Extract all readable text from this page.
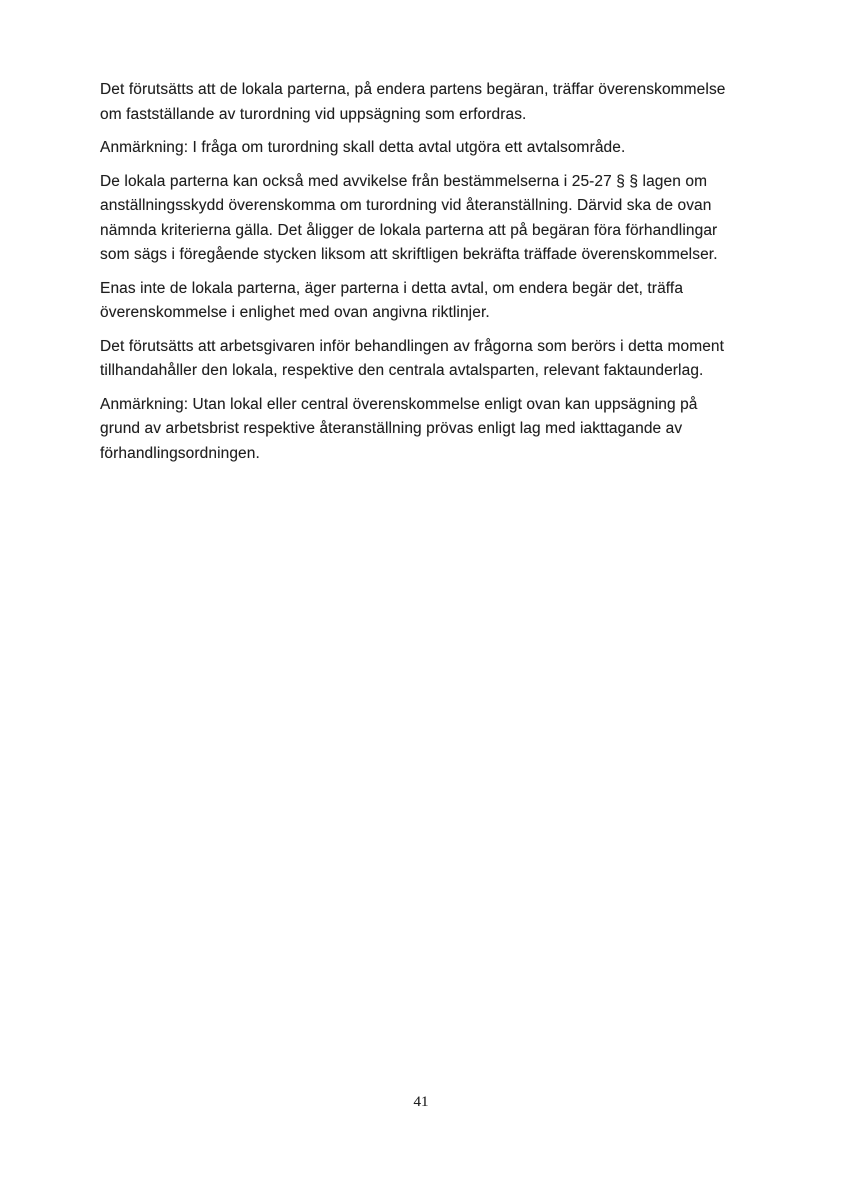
Det förutsätts att de lokala parterna, på endera partens begäran, träffar överenskommelse om fastställande av turordning vid uppsägning som erfordras.

Anmärkning: I fråga om turordning skall detta avtal utgöra ett avtalsområde.

De lokala parterna kan också med avvikelse från bestämmelserna i 25-27 § § lagen om anställningsskydd överenskomma om turordning vid återanställning. Därvid ska de ovan nämnda kriterierna gälla. Det åligger de lokala parterna att på begäran föra förhandlingar som sägs i föregående stycken liksom att skriftligen bekräfta träffade överenskommelser.

Enas inte de lokala parterna, äger parterna i detta avtal, om endera begär det, träffa överenskommelse i enlighet med ovan angivna riktlinjer.

Det förutsätts att arbetsgivaren inför behandlingen av frågorna som berörs i detta moment tillhandahåller den lokala, respektive den centrala avtalsparten, relevant faktaunderlag.

Anmärkning: Utan lokal eller central överenskommelse enligt ovan kan uppsägning på grund av arbetsbrist respektive återanställning prövas enligt lag med iakttagande av förhandlingsordningen.

41
